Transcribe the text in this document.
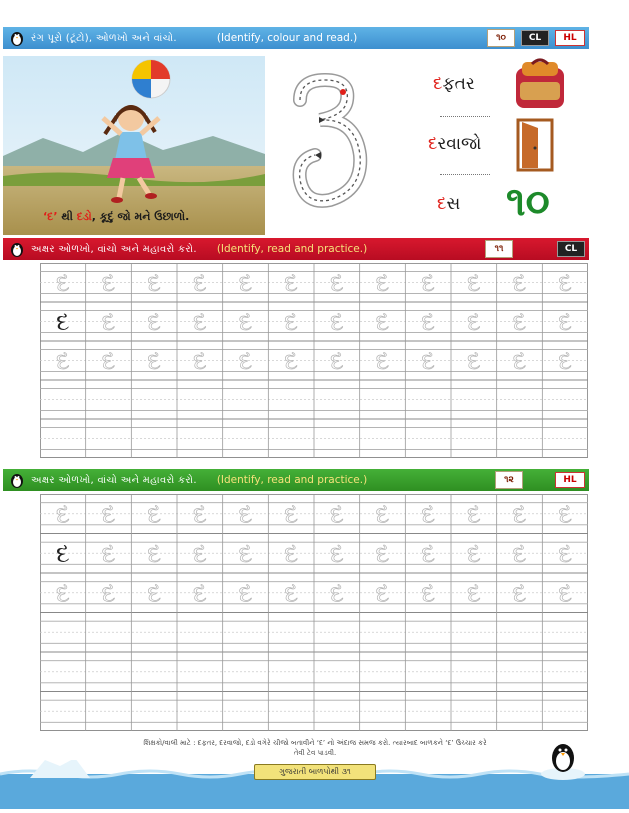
રંગ પૂરો (ટૂંટો), ઓળખો અને વાંચો.	(Identify, colour and read.)	૧૦	CL	HL
‘દ’ થી દડો, કૂદું જો મને ઉછાળો.
દફતર
દરવાજો
દસ ૧૦
અક્ષર ઓળખો, વાંચો અને મહાવરો કરો. (Identify, read and practice.)	૧૧	CL
દ દ દ દ દ દ દ દ દ દ દ દ
દ દ દ દ દ દ દ દ દ દ દ દ
દ દ દ દ દ દ દ દ દ દ દ દ
અક્ષર ઓળખો, વાંચો અને મહાવરો કરો. (Identify, read and practice.)	૧૨	HL
દ દ દ દ દ દ દ દ દ દ દ દ
દ દ દ દ દ દ દ દ દ દ દ દ
દ દ દ દ દ દ દ દ દ દ દ દ
શિક્ષકો/વાલી માટે : દફતર, દરવાજો, દડો વગેરે ચીજો બતાવીને ‘દ’ નો અંદાજ સમજ કરો. ત્યારબાદ બાળકને ‘દ’ ઉચ્ચાર કરે
તેવી ટેવ પાડવી.
ગુજરાતી બાળપોથી ૩૧
